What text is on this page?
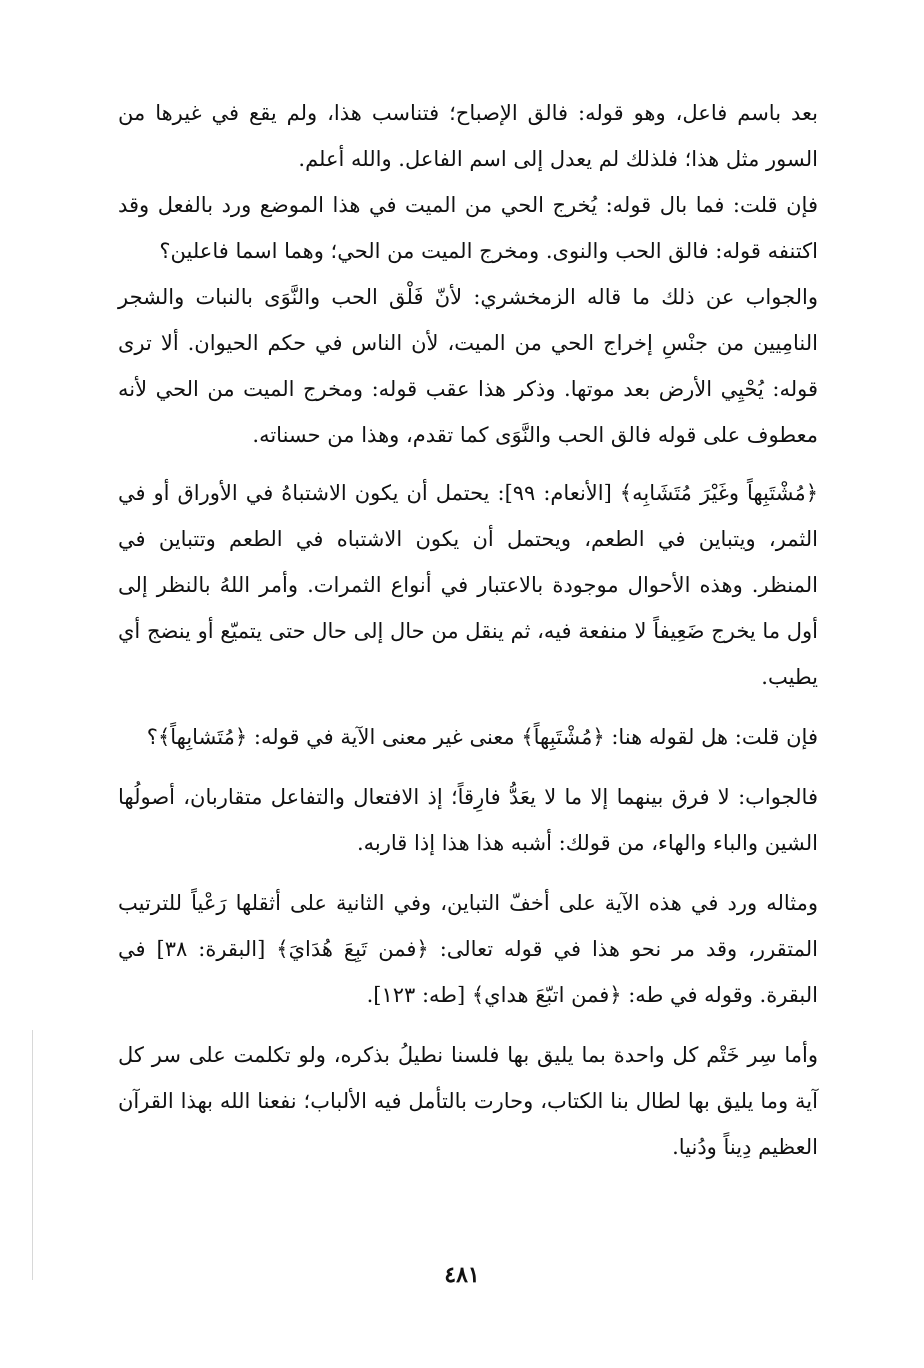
بعد باسم فاعل، وهو قوله: فالق الإصباح؛ فتناسب هذا، ولم يقع في غيرها من السور مثل هذا؛ فلذلك لم يعدل إلى اسم الفاعل. والله أعلم.

فإن قلت: فما بال قوله: يُخرج الحي من الميت في هذا الموضع ورد بالفعل وقد اكتنفه قوله: فالق الحب والنوى. ومخرج الميت من الحي؛ وهما اسما فاعلين؟

والجواب عن ذلك ما قاله الزمخشري: لأنّ فَلْق الحب والنَّوَى بالنبات والشجر النامِيين من جنْسِ إخراج الحي من الميت، لأن الناس في حكم الحيوان. ألا ترى قوله: يُحْيِي الأرض بعد موتها. وذكر هذا عقب قوله: ومخرج الميت من الحي لأنه معطوف على قوله فالق الحب والنَّوَى كما تقدم، وهذا من حسناته.

﴿مُشْتَبِهاً وغَيْرَ مُتَشَابِه﴾ [الأنعام: ٩٩]: يحتمل أن يكون الاشتباهُ في الأوراق أو في الثمر، ويتباين في الطعم، ويحتمل أن يكون الاشتباه في الطعم وتتباين في المنظر. وهذه الأحوال موجودة بالاعتبار في أنواع الثمرات. وأمر اللهُ بالنظر إلى أول ما يخرج ضَعِيفاً لا منفعة فيه، ثم ينقل من حال إلى حال حتى يتميّع أو ينضج أي يطيب.

فإن قلت: هل لقوله هنا: ﴿مُشْتَبِهاً﴾ معنى غير معنى الآية في قوله: ﴿مُتَشابِهاً﴾؟

فالجواب: لا فرق بينهما إلا ما لا يعَدُّ فارِقاً؛ إذ الافتعال والتفاعل متقاربان، أصولُها الشين والباء والهاء، من قولك: أشبه هذا هذا إذا قاربه.

ومثاله ورد في هذه الآية على أخفّ التباين، وفي الثانية على أثقلها رَعْياً للترتيب المتقرر، وقد مر نحو هذا في قوله تعالى: ﴿فمن تَبِعَ هُدَايَ﴾ [البقرة: ٣٨] في البقرة. وقوله في طه: ﴿فمن اتبّعَ هداي﴾ [طه: ١٢٣].

وأما سِر خَتْم كل واحدة بما يليق بها فلسنا نطيلُ بذكره، ولو تكلمت على سر كل آية وما يليق بها لطال بنا الكتاب، وحارت بالتأمل فيه الألباب؛ نفعنا الله بهذا القرآن العظيم دِيناً ودُنيا.

٤٨١
